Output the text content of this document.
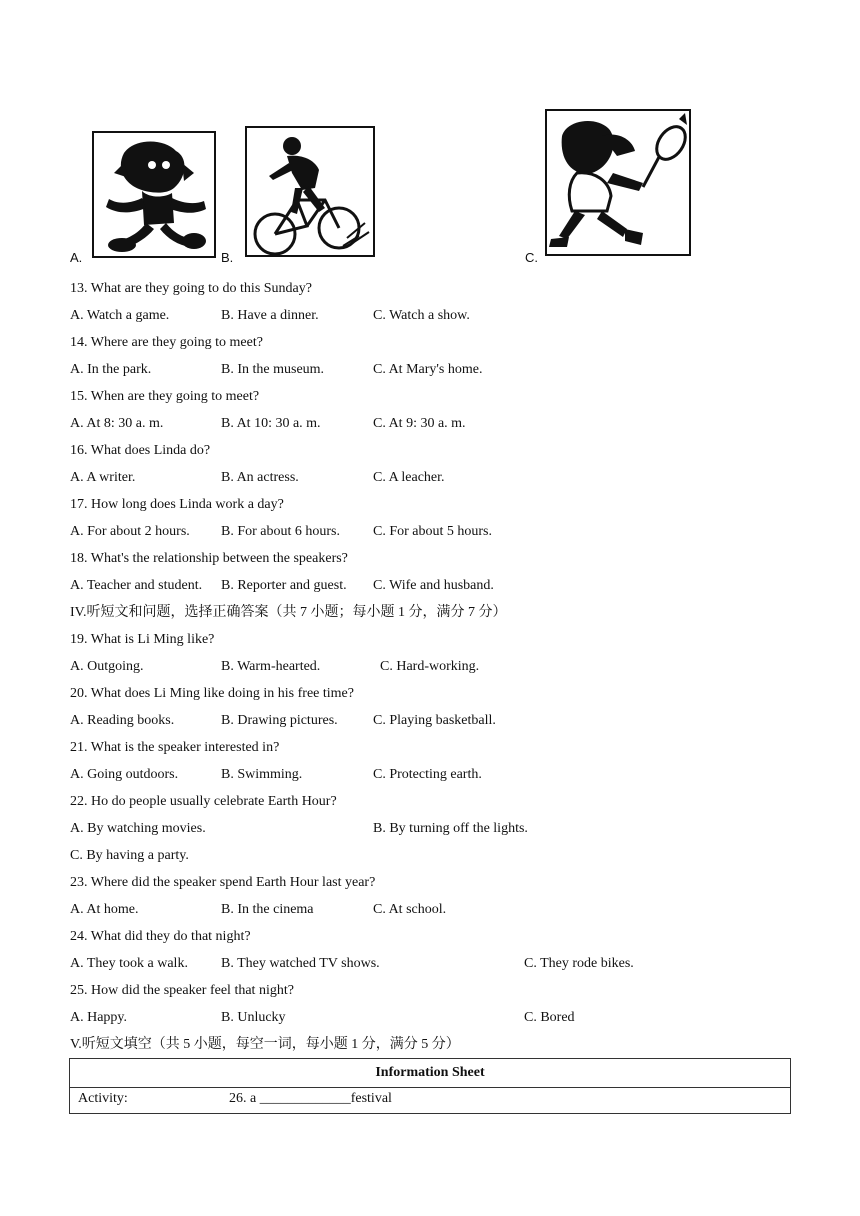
A.	B.	C.
13. What are they going to do this Sunday?
A. Watch a game.	B. Have a dinner.	C. Watch a show.
14. Where are they going to meet?
A. In the park.	B. In the museum.	C. At Mary's home.
15. When are they going to meet?
A. At 8: 30 a. m.	B. At 10: 30 a. m.	C. At 9: 30 a. m.
16. What does Linda do?
A. A writer.	B. An actress.	C. A leacher.
17. How long does Linda work a day?
A. For about 2 hours. B. For about 6 hours. C. For about 5 hours.
18. What's the relationship between the speakers?
A. Teacher and student. B. Reporter and guest. C. Wife and husband.
IV.听短文和问题，选择正确答案（共 7 小题；每小题 1 分，满分 7 分）
19. What is Li Ming like?
A. Outgoing.	B. Warm-hearted.	C. Hard-working.
20. What does Li Ming like doing in his free time?
A. Reading books.	B. Drawing pictures.	C. Playing basketball.
21. What is the speaker interested in?
A. Going outdoors.	B. Swimming.	C. Protecting earth.
22. Ho do people usually celebrate Earth Hour?
A. By watching movies.	B. By turning off the lights.
C. By having a party.
23. Where did the speaker spend Earth Hour last year?
A. At home.	B. In the cinema	C. At school.
24. What did they do that night?
A. They took a walk. B. They watched TV shows.	C. They rode bikes.
25. How did the speaker feel that night?
A. Happy.	B. Unlucky	C. Bored
V.听短文填空（共 5 小题，每空一词，每小题 1 分，满分 5 分）
Information Sheet
Activity:	26. a _____________festival
